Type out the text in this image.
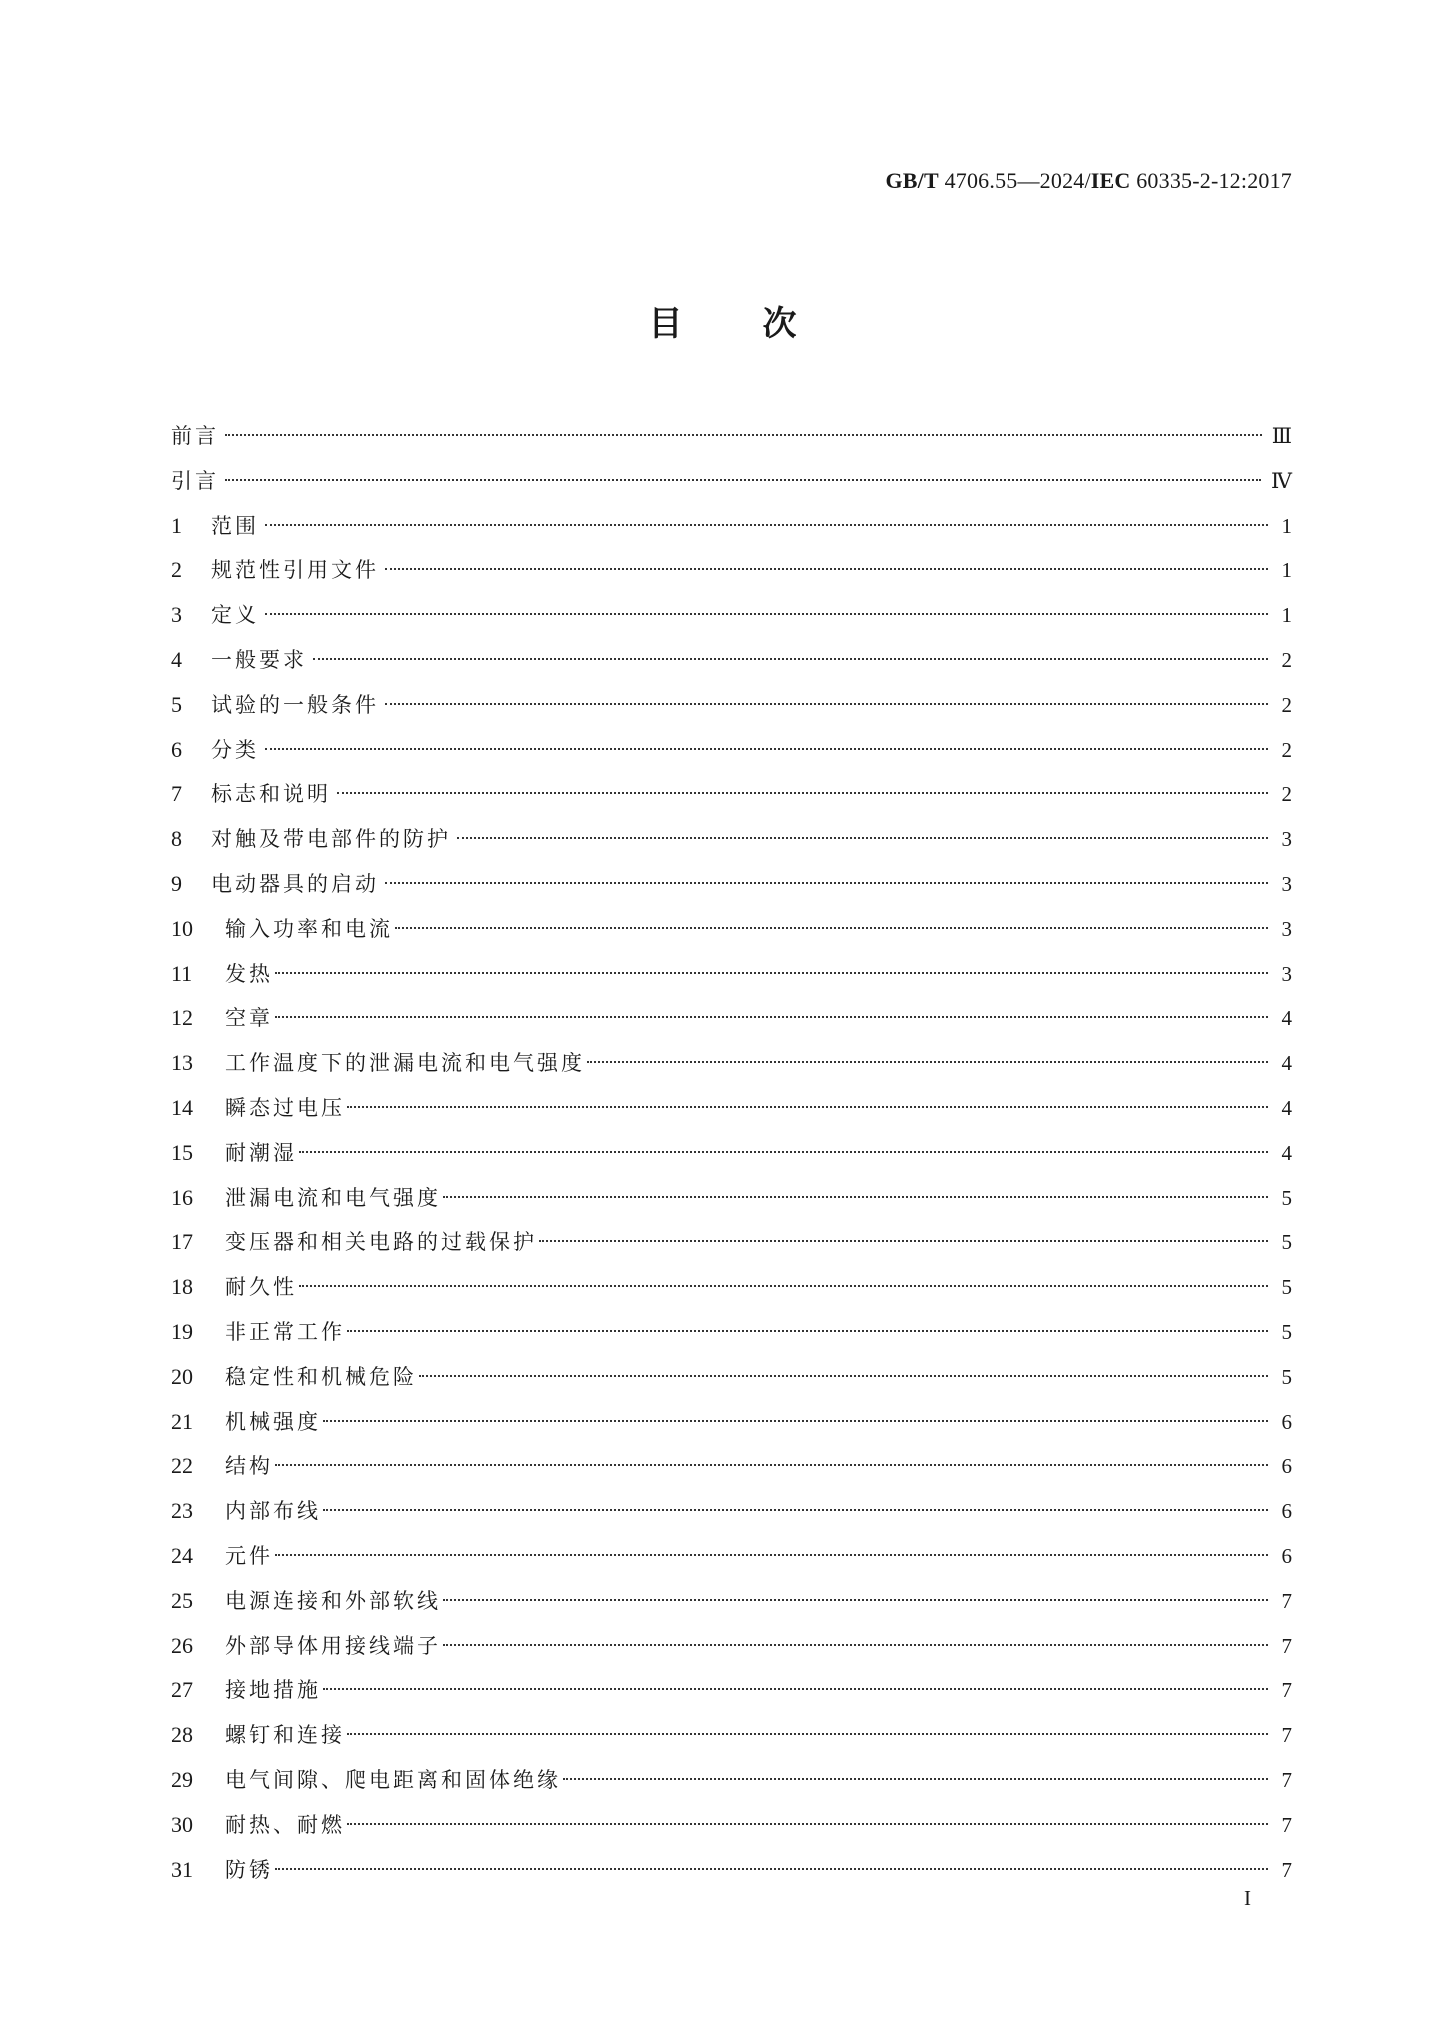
GB/T 4706.55—2024/IEC 60335-2-12:2017
目次
前言	Ⅲ
引言	Ⅳ
1	范围	1
2	规范性引用文件	1
3	定义	1
4	一般要求	2
5	试验的一般条件	2
6	分类	2
7	标志和说明	2
8	对触及带电部件的防护	3
9	电动器具的启动	3
10	输入功率和电流	3
11	发热	3
12	空章	4
13	工作温度下的泄漏电流和电气强度	4
14	瞬态过电压	4
15	耐潮湿	4
16	泄漏电流和电气强度	5
17	变压器和相关电路的过载保护	5
18	耐久性	5
19	非正常工作	5
20	稳定性和机械危险	5
21	机械强度	6
22	结构	6
23	内部布线	6
24	元件	6
25	电源连接和外部软线	7
26	外部导体用接线端子	7
27	接地措施	7
28	螺钉和连接	7
29	电气间隙、爬电距离和固体绝缘	7
30	耐热、耐燃	7
31	防锈	7
I
